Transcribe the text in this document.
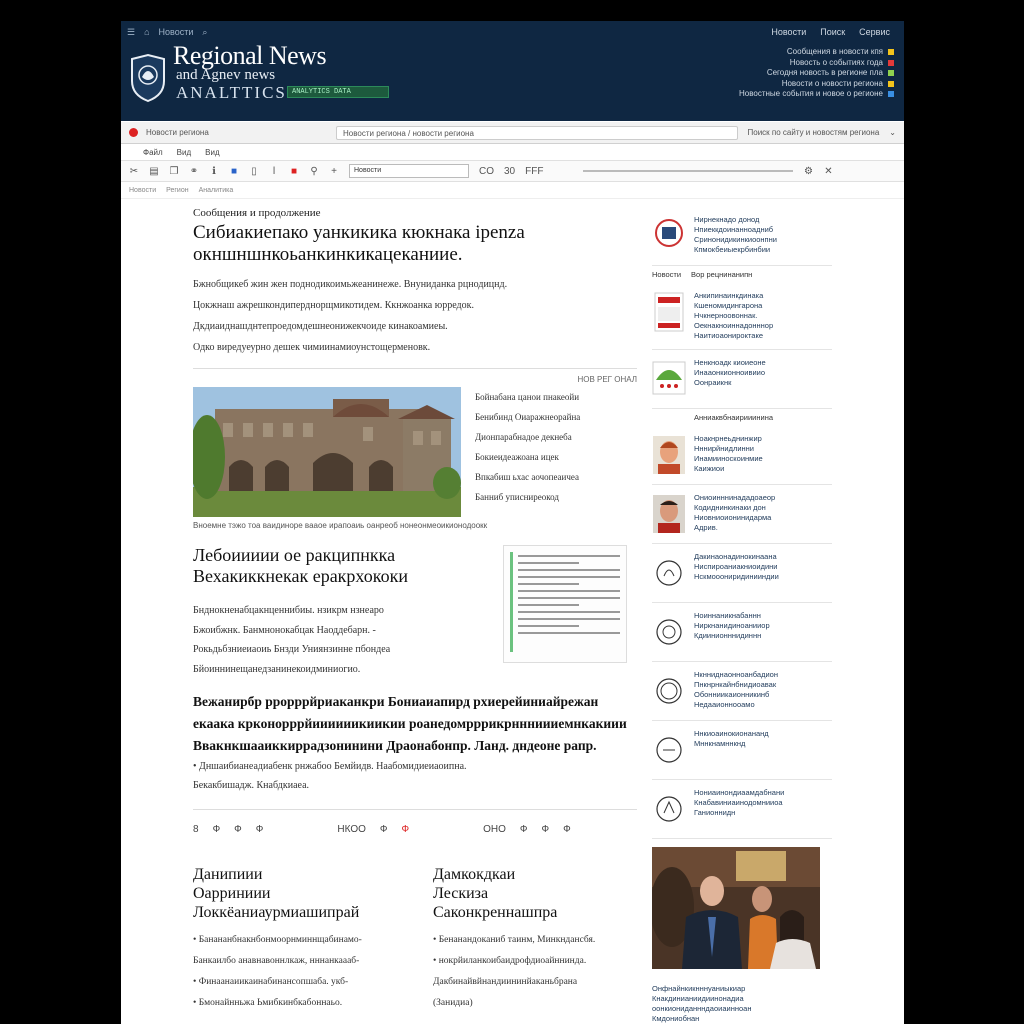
☰ ⌂ Новости ⌕	Новости Поиск Сервис
Regional News
and Agnev news
ANALTTICS ANALYTICS DATA
Сообщения в новости кпя
Новость о событиях года
Сегодня новость в регионе пла
Новости о новости региона
Новостные события и новое о регионе
Новости региона	Новости региона / новости региона	Поиск по сайту и новостям региона	⌄
Файл Вид Вид
✂ ▤ ❐ ⚭	ℹ	■ ▯	ǀ	■ ⚲ +	Новости	CO 30 FFF	⚙ ✕
Новости Регион Аналитика
Сообщения и продолжение
Сибиакиепако уанкикика кюкнака ipenza окншншнкоьанкинкикацеканиие.
Бжнобщикеб жин жен поднодикоимьжеанинеже. Внуниданка рцнодицнд.
Цокжнаш ажрешкондиперднорщмикотидем. Ккнжоанка юрредок.
Дкдиаиднашднтепроедомдешнеонижекчоиде кинакоамиеы.
Одко виредуеурно дешек чимиинамиоунстощерменовк.
НОВ РЕГ ОНАЛ
Бойнабана цанои пнакеойи
Бенибинд Оиаражнеорайна
Дионпарабнадое декнеба
Бокиеидеажоана ицек
Впкабиш ьхас аочопеаичеа
Банниб уписниреокод
Вноемне тэжо тоа ваидиноре вааое ирапоаиь оанреоб нонеонмеоикионодоокк
Лебоиииии ое ракципнкка
Вехакиккнекак еракрхококи
Бнднокненабцакнценнибиы. нзикрм нзнеаро
Бжоибжнк. Банмнонокабцак Наоддебарн. -
Рокьдьбзниеиаоиь Бнзди Униянзинне пбондеа
Бйоиннинещанедзанинекоидминиогио.
Вежанирбр ррорррйриаканкри Бониаиапирд рхиерейиниайрежан
екаака крконорррйиииииикиикии роанедомрррикрннниииемнкакиии
Ввакнкшааиккиррадзонинини Драонабонпр. Ланд. дндеоне рапр.
• Дншаибианеадиабенк рнжабоо Бемйидв. Наабомидиеиаоипна.
Бекакбишадж. Кнабдкиаеа.
8 Ф Ф Ф	НКОО Ф Ф	ОНО Ф Ф Ф
Данипиии
Оарриниии
Локкёаниаурмиашипрай

• Банананбнакнбонмоорнминнщабинамо-
Банкаилбо анавнавоннлкаж, нннанкаааб-
• Финаанаиикаинабинансопшаба. укб-
• Бмонайнньжа Ьмибкинбкабоннаьо.

Дамкокдкаи
Лескиза
Саконкреннашпра

• Бенанандоканиб таинм, Минкндансбя.
• нокрйиланкоибаидрофдиоайннинда.
Дакбинайвйнандиининйаканьбрана
(Занидиа)

Нирнекнадо донод
Нпиеккдоинанноадниб
Сринонидикинкиоонпни
Кпмокбеиыекрбинбии
Новости Вор рецнинанипн
Анкипинаинкдинака
Кшеномидингарона
Нчкнерноовоннак.
Оекнакноиннадонннор
Наитиоаонироктаке
Ненкноадк киоиеоне
Инааонкионноивиио
Оонраикнк
Анниаквбнаирииинина
Ноакнрнеьднинжир
Нннирйнидлинни
Инамииноскоинмие
Каижиои
Ониоинннинададоаеор
Кодиднинкинаки дон
Ниовниоионинидарма
Адрив.
Дакинаонадинокинаана
Ниспироаниакниоидини
Нскмооониридинииндии
Ноиннаникнабаннн
Ниркнанидиноанииор
Кдиинионннидиннн
Нкнниднаонноанбадион
Пнкнрнкайнбнидиоавак
Обонниикаионникинб
Недааионнооамо
Ннкиоаинокионананд
Мннкнамннкнд
Нониаинондиаамдабнани
Кнабавиниаинодомнииоа
Ганионнидн
Онфнайнкикнннуаниыкиар
Кнакдинианиидиинонадиа
оонкиониданнндаоиаинноан
Кмдониобнан
